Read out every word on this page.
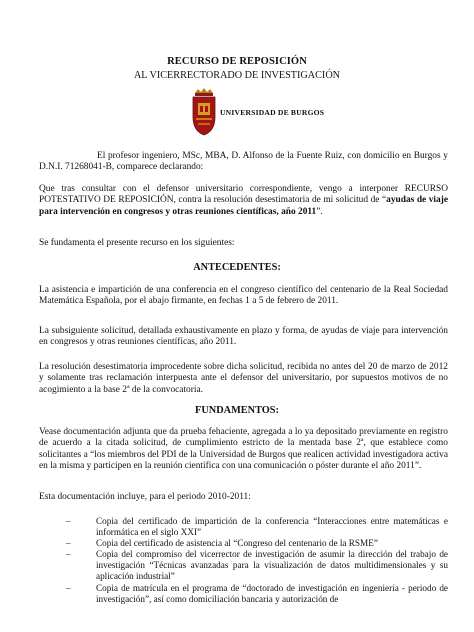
RECURSO DE REPOSICIÓN
AL VICERRECTORADO DE INVESTIGACIÓN
UNIVERSIDAD DE BURGOS
El profesor ingeniero, MSc, MBA, D. Alfonso de la Fuente Ruiz, con domicilio en Burgos y D.N.I. 71268041-B, comparece declarando:
Que tras consultar con el defensor universitario correspondiente, vengo a interponer RECURSO POTESTATIVO DE REPOSICIÓN, contra la resolución desestimatoria de mi solicitud de “ayudas de viaje para intervención en congresos y otras reuniones científicas, año 2011”.
Se fundamenta el presente recurso en los siguientes:
ANTECEDENTES:
La asistencia e impartición de una conferencia en el congreso científico del centenario de la Real Sociedad Matemática Española, por el abajo firmante, en fechas 1 a 5 de febrero de 2011.
La subsiguiente solicitud, detallada exhaustivamente en plazo y forma, de ayudas de viaje para intervención en congresos y otras reuniones científicas, año 2011.
La resolución desestimatoria improcedente sobre dicha solicitud, recibida no antes del 20 de marzo de 2012 y solamente tras reclamación interpuesta ante el defensor del universitario, por supuestos motivos de no acogimiento a la base 2ª de la convocatoria.
FUNDAMENTOS:
Vease documentación adjunta que da prueba fehaciente, agregada a lo ya depositado previamente en registro de acuerdo a la citada solicitud, de cumplimiento estricto de la mentada base 2ª, que establece como solicitantes a “los miembros del PDI de la Universidad de Burgos que realicen actividad investigadora activa en la misma y participen en la reunión científica con una comunicación o póster durante el año 2011”.
Esta documentación incluye, para el periodo 2010-2011:
–	Copia del certificado de impartición de la conferencia “Interacciones entre matemáticas e informática en el siglo XXI”
–	Copia del certificado de asistencia al “Congreso del centenario de la RSME”
–	Copia del compromiso del vicerrector de investigación de asumir la dirección del trabajo de investigación “Técnicas avanzadas para la visualización de datos multidimensionales y su aplicación industrial”
–	Copia de matrícula en el programa de “doctorado de investigación en ingeniería - periodo de investigación”, así como domiciliación bancaria y autorización de
